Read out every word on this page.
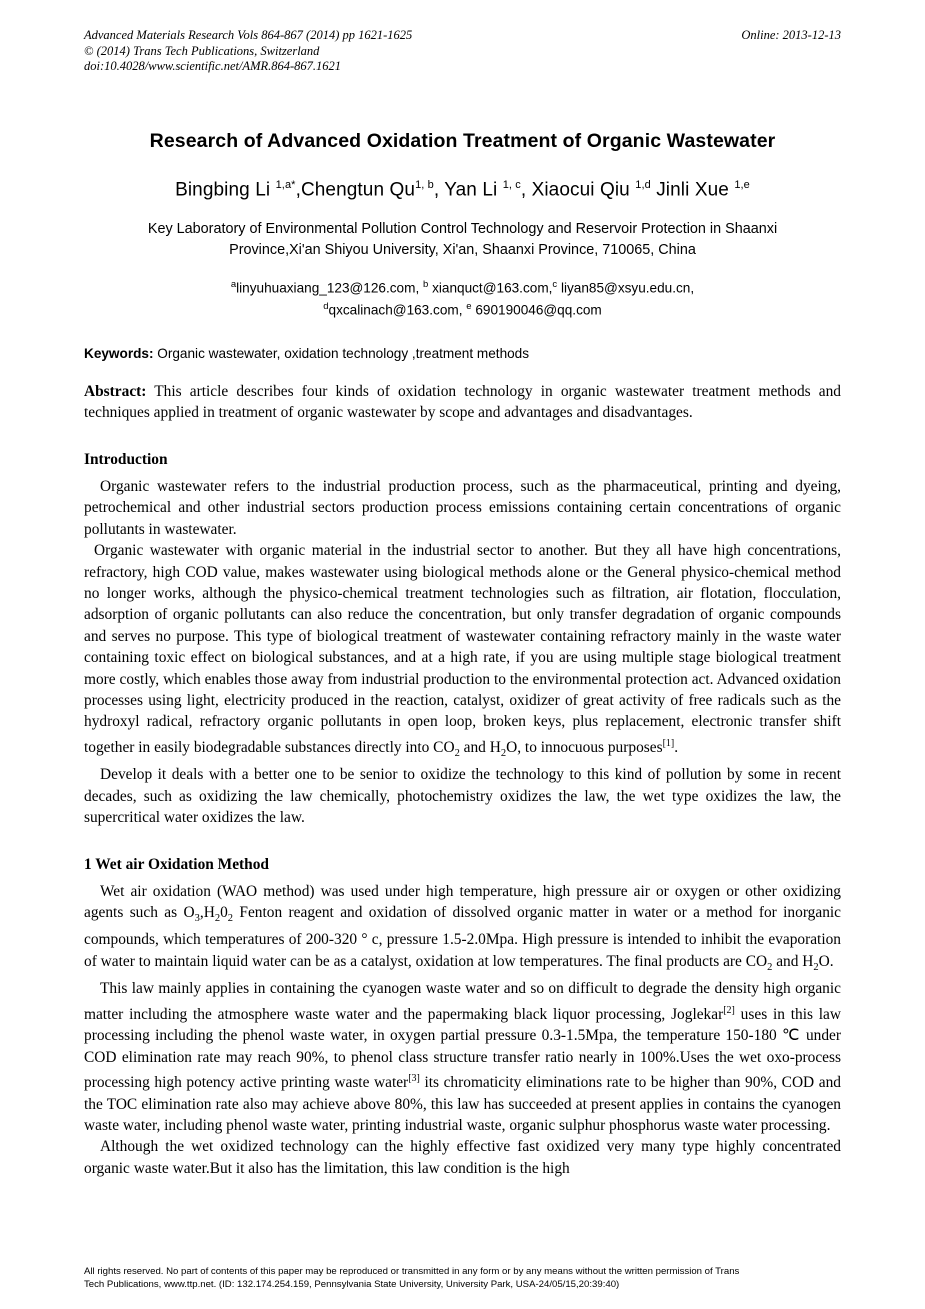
Advanced Materials Research Vols 864-867 (2014) pp 1621-1625
© (2014) Trans Tech Publications, Switzerland
doi:10.4028/www.scientific.net/AMR.864-867.1621
Online: 2013-12-13
Research of Advanced Oxidation Treatment of Organic Wastewater
Bingbing Li $^{1,a*}$,Chengtun Qu$^{1, b}$, Yan Li $^{1, c}$, Xiaocui Qiu $^{1,d}$ Jinli Xue $^{1,e}$
Key Laboratory of Environmental Pollution Control Technology and Reservoir Protection in Shaanxi Province,Xi'an Shiyou University, Xi'an, Shaanxi Province, 710065, China
$^a$linyuhuaxiang_123@126.com, $^b$ xianquct@163.com,$^c$ liyan85@xsyu.edu.cn,
$^d$qxcalinach@163.com, $^e$ 690190046@qq.com
Keywords: Organic wastewater, oxidation technology ,treatment methods
Abstract: This article describes four kinds of oxidation technology in organic wastewater treatment methods and techniques applied in treatment of organic wastewater by scope and advantages and disadvantages.
Introduction

Organic wastewater refers to the industrial production process, such as the pharmaceutical, printing and dyeing, petrochemical and other industrial sectors production process emissions containing certain concentrations of organic pollutants in wastewater.

Organic wastewater with organic material in the industrial sector to another. But they all have high concentrations, refractory, high COD value, makes wastewater using biological methods alone or the General physico-chemical method no longer works, although the physico-chemical treatment technologies such as filtration, air flotation, flocculation, adsorption of organic pollutants can also reduce the concentration, but only transfer degradation of organic compounds and serves no purpose. This type of biological treatment of wastewater containing refractory mainly in the waste water containing toxic effect on biological substances, and at a high rate, if you are using multiple stage biological treatment more costly, which enables those away from industrial production to the environmental protection act. Advanced oxidation processes using light, electricity produced in the reaction, catalyst, oxidizer of great activity of free radicals such as the hydroxyl radical, refractory organic pollutants in open loop, broken keys, plus replacement, electronic transfer shift together in easily biodegradable substances directly into $CO_2$ and $H_2O$, to innocuous purposes[1].

Develop it deals with a better one to be senior to oxidize the technology to this kind of pollution by some in recent decades, such as oxidizing the law chemically, photochemistry oxidizes the law, the wet type oxidizes the law, the supercritical water oxidizes the law.

1 Wet air Oxidation Method

Wet air oxidation (WAO method) was used under high temperature, high pressure air or oxygen or other oxidizing agents such as $O_3,H_20_2$ Fenton reagent and oxidation of dissolved organic matter in water or a method for inorganic compounds, which temperatures of 200-320 ° c, pressure 1.5-2.0Mpa. High pressure is intended to inhibit the evaporation of water to maintain liquid water can be as a catalyst, oxidation at low temperatures. The final products are $CO_2$ and $H_2O$.

This law mainly applies in containing the cyanogen waste water and so on difficult to degrade the density high organic matter including the atmosphere waste water and the papermaking black liquor processing, Joglekar[2] uses in this law processing including the phenol waste water, in oxygen partial pressure 0.3-1.5Mpa, the temperature 150-180 ℃ under COD elimination rate may reach 90%, to phenol class structure transfer ratio nearly in 100%.Uses the wet oxo-process processing high potency active printing waste water[3] its chromaticity eliminations rate to be higher than 90%, COD and the TOC elimination rate also may achieve above 80%, this law has succeeded at present applies in contains the cyanogen waste water, including phenol waste water, printing industrial waste, organic sulphur phosphorus waste water processing.

Although the wet oxidized technology can the highly effective fast oxidized very many type highly concentrated organic waste water.But it also has the limitation, this law condition is the high

All rights reserved. No part of contents of this paper may be reproduced or transmitted in any form or by any means without the written permission of Trans
Tech Publications, www.ttp.net. (ID: 132.174.254.159, Pennsylvania State University, University Park, USA-24/05/15,20:39:40)
